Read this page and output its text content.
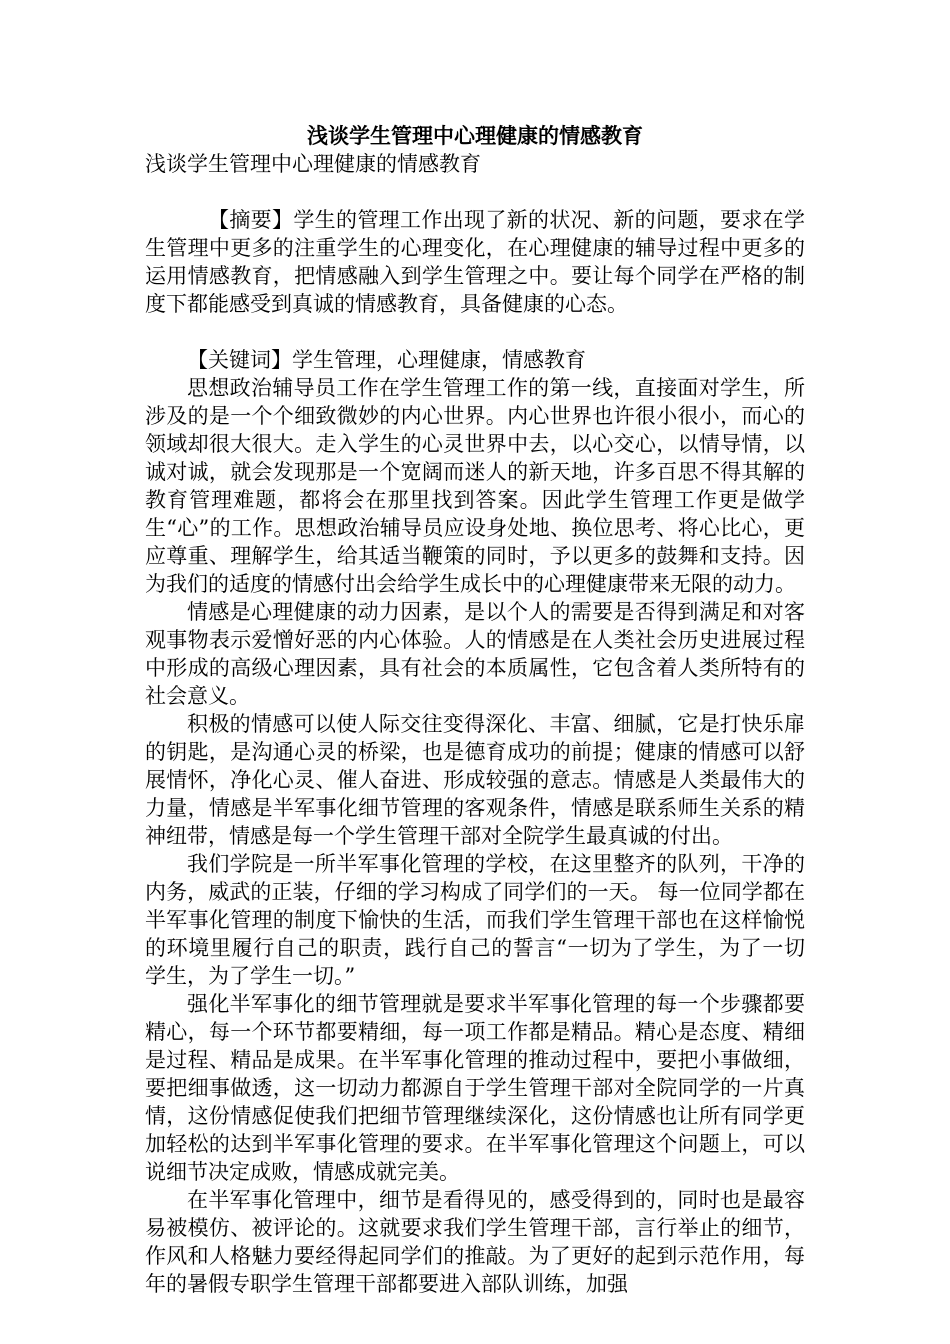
浅谈学生管理中心理健康的情感教育

浅谈学生管理中心理健康的情感教育

【摘要】学生的管理工作出现了新的状况、新的问题，要求在学生管理中更多的注重学生的心理变化，在心理健康的辅导过程中更多的运用情感教育，把情感融入到学生管理之中。要让每个同学在严格的制度下都能感受到真诚的情感教育，具备健康的心态。

【关键词】学生管理，心理健康，情感教育

思想政治辅导员工作在学生管理工作的第一线，直接面对学生，所涉及的是一个个细致微妙的内心世界。内心世界也许很小很小，而心的领域却很大很大。走入学生的心灵世界中去，以心交心，以情导情，以诚对诚，就会发现那是一个宽阔而迷人的新天地，许多百思不得其解的教育管理难题，都将会在那里找到答案。因此学生管理工作更是做学生“心”的工作。思想政治辅导员应设身处地、换位思考、将心比心，更应尊重、理解学生，给其适当鞭策的同时，予以更多的鼓舞和支持。因为我们的适度的情感付出会给学生成长中的心理健康带来无限的动力。

情感是心理健康的动力因素，是以个人的需要是否得到满足和对客观事物表示爱憎好恶的内心体验。人的情感是在人类社会历史进展过程中形成的高级心理因素，具有社会的本质属性，它包含着人类所特有的社会意义。

积极的情感可以使人际交往变得深化、丰富、细腻，它是打快乐扉的钥匙，是沟通心灵的桥梁，也是德育成功的前提；健康的情感可以舒展情怀，净化心灵、催人奋进、形成较强的意志。情感是人类最伟大的力量，情感是半军事化细节管理的客观条件，情感是联系师生关系的精神纽带，情感是每一个学生管理干部对全院学生最真诚的付出。

我们学院是一所半军事化管理的学校，在这里整齐的队列，干净的内务，威武的正装，仔细的学习构成了同学们的一天。 每一位同学都在半军事化管理的制度下愉快的生活，而我们学生管理干部也在这样愉悦的环境里履行自己的职责，践行自己的誓言“一切为了学生，为了一切学生，为了学生一切。”

强化半军事化的细节管理就是要求半军事化管理的每一个步骤都要精心，每一个环节都要精细，每一项工作都是精品。精心是态度、精细是过程、精品是成果。在半军事化管理的推动过程中，要把小事做细，要把细事做透，这一切动力都源自于学生管理干部对全院同学的一片真情，这份情感促使我们把细节管理继续深化，这份情感也让所有同学更加轻松的达到半军事化管理的要求。在半军事化管理这个问题上，可以说细节决定成败，情感成就完美。

在半军事化管理中，细节是看得见的，感受得到的，同时也是最容易被模仿、被评论的。这就要求我们学生管理干部，言行举止的细节，作风和人格魅力要经得起同学们的推敲。为了更好的起到示范作用，每年的暑假专职学生管理干部都要进入部队训练，加强
